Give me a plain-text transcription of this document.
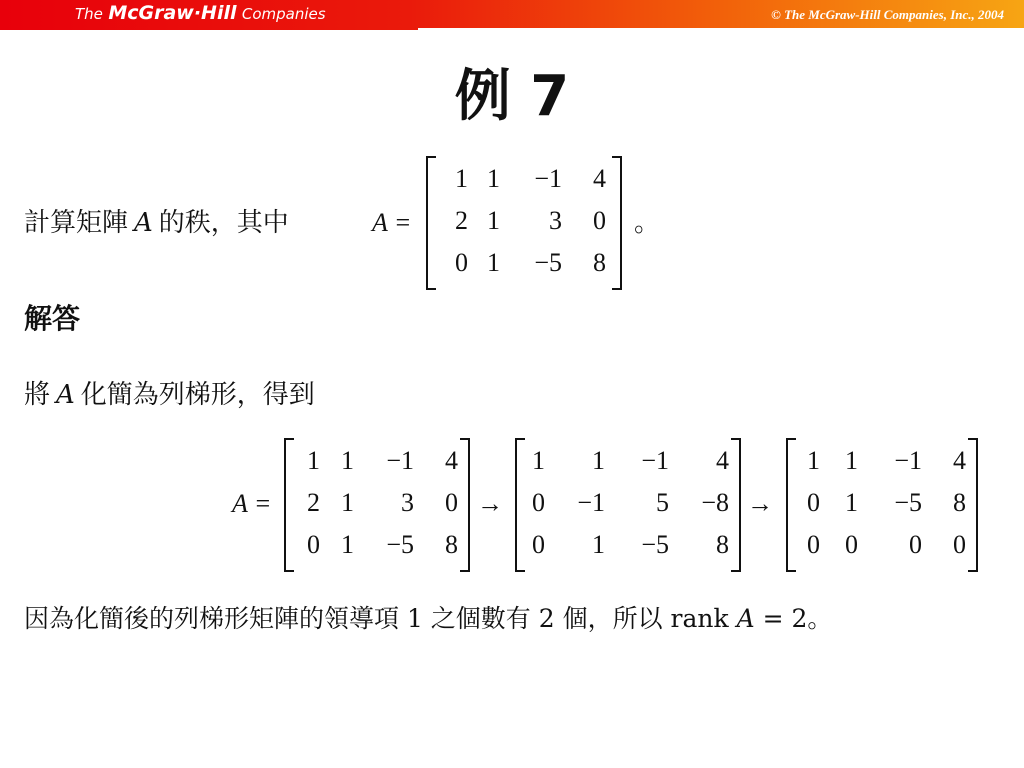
The McGraw·Hill Companies	© The McGraw-Hill Companies, Inc., 2004
例 7
計算矩陣 A 的秩，其中	A =
1	1	−1	4
2	1	3	0
0	1	−5	8
。
解答
將 A 化簡為列梯形，得到
A =
1	1	−1	4
2	1	3	0
0	1	−5	8
→
1	1	−1	4
0	−1	5	−8
0	1	−5	8
→
1	1	−1	4
0	1	−5	8
0	0	0	0
因為化簡後的列梯形矩陣的領導項 1 之個數有 2 個，所以 rank A = 2。
